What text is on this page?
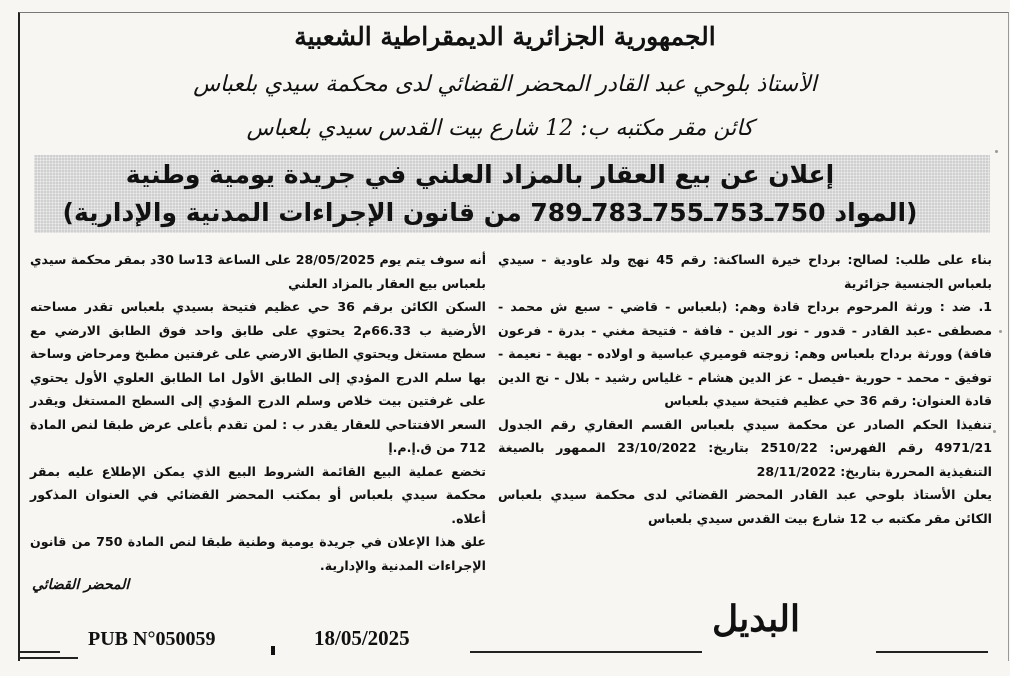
الجمهورية الجزائرية الديمقراطية الشعبية
الأستاذ بلوحي عبد القادر المحضر القضائي لدى محكمة سيدي بلعباس
كائن مقر مكتبه ب: 12 شارع بيت القدس سيدي بلعباس
إعلان عن بيع العقار بالمزاد العلني في جريدة يومية وطنية
(المواد 750ـ753ـ755ـ783ـ789 من قانون الإجراءات المدنية والإدارية)

بناء على طلب: لصالح: برداح خيرة الساكنة: رقم 45 نهج ولد عاودية - سيدي بلعباس الجنسية جزائرية

1. ضد : ورثة المرحوم برداح قادة وهم: (بلعباس - قاضي - سبع ش محمد - مصطفى -عبد القادر - قدور - نور الدين - فافة - فتيحة مغني - بدرة - فرعون فافة) وورثة برداح بلعباس وهم: زوجته قوميري عباسية و اولاده - بهية - نعيمة - توفيق - محمد - حورية -فيصل - عز الدين هشام - غلياس رشيد - بلال - نج الدين قادة العنوان: رقم 36 حي عظيم فتيحة سيدي بلعباس

تنفيذا الحكم الصادر عن محكمة سيدي بلعباس القسم العقاري رقم الجدول 4971/21 رقم الفهرس: 2510/22 بتاريخ: 23/10/2022 الممهور بالصيغة التنفيذية المحررة بتاريخ: 28/11/2022

يعلن الأستاذ بلوحي عبد القادر المحضر القضائي لدى محكمة سيدي بلعباس الكائن مقر مكتبه ب 12 شارع بيت القدس سيدي بلعباس

أنه سوف يتم يوم 28/05/2025 على الساعة 13سا 30د بمقر محكمة سيدي بلعباس بيع العقار بالمزاد العلني

السكن الكائن برقم 36 حي عظيم فتيحة بسيدي بلعباس تقدر مساحته الأرضية ب 66.33م2 يحتوي على طابق واحد فوق الطابق الارضي مع سطح مستغل ويحتوي الطابق الارضي على غرفتين مطبخ ومرحاض وساحة بها سلم الدرج المؤدي إلى الطابق الأول اما الطابق العلوي الأول يحتوي على غرفتين بيت خلاص وسلم الدرج المؤدي إلى السطح المستغل ويقدر السعر الافتتاحي للعقار يقدر ب : لمن تقدم بأعلى عرض طبقا لنص المادة 712 من ق.إ.م.إ

تخضع عملية البيع القائمة الشروط البيع الذي يمكن الإطلاع عليه بمقر محكمة سيدي بلعباس أو بمكتب المحضر القضائي في العنوان المذكور أعلاه.

علق هذا الإعلان في جريدة يومية وطنية طبقا لنص المادة 750 من قانون الإجراءات المدنية والإدارية.

المحضر القضائي
PUB N°050059	18/05/2025	البديل
